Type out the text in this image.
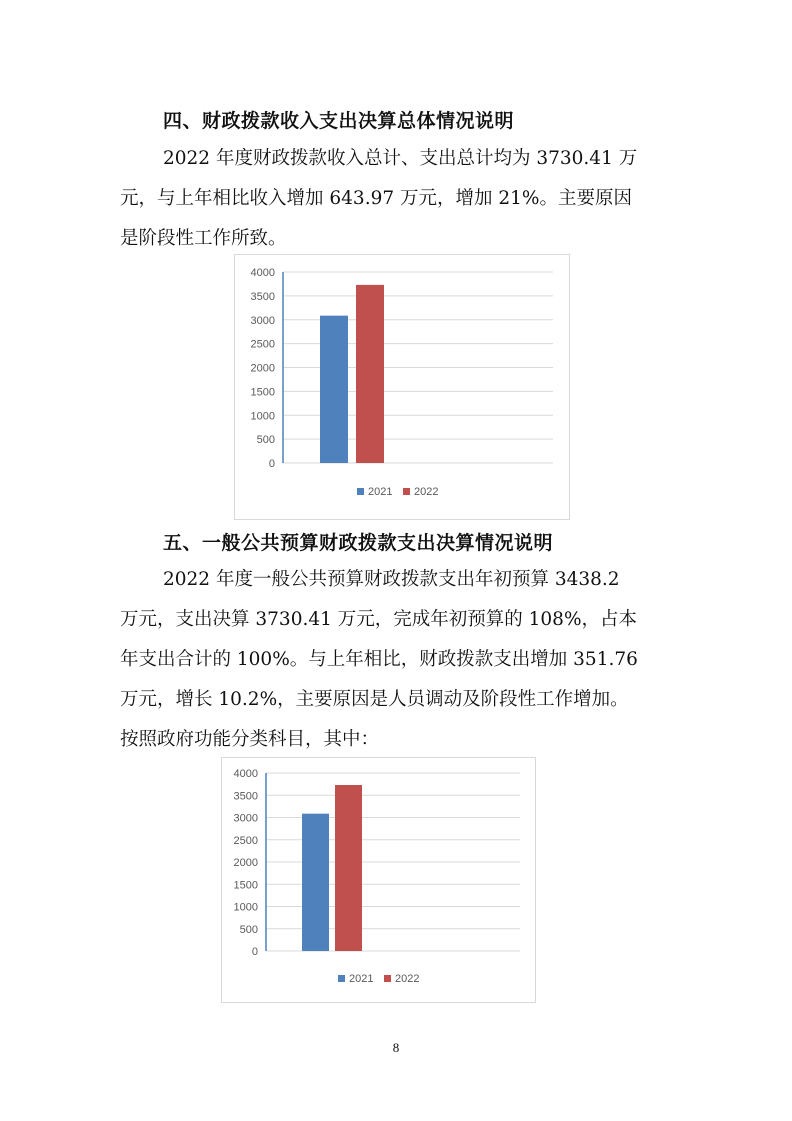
四、财政拨款收入支出决算总体情况说明
2022 年度财政拨款收入总计、支出总计均为 3730.41 万
元，与上年相比收入增加 643.97 万元，增加 21%。主要原因
是阶段性工作所致。
0
500
1000
1500
2000
2500
3000
3500
4000
2021 2022
五、一般公共预算财政拨款支出决算情况说明
2022 年度一般公共预算财政拨款支出年初预算 3438.2
万元，支出决算 3730.41 万元，完成年初预算的 108%，占本
年支出合计的 100%。与上年相比，财政拨款支出增加 351.76
万元，增长 10.2%，主要原因是人员调动及阶段性工作增加。
按照政府功能分类科目，其中：
0
500
1000
1500
2000
2500
3000
3500
4000
2021 2022
8
